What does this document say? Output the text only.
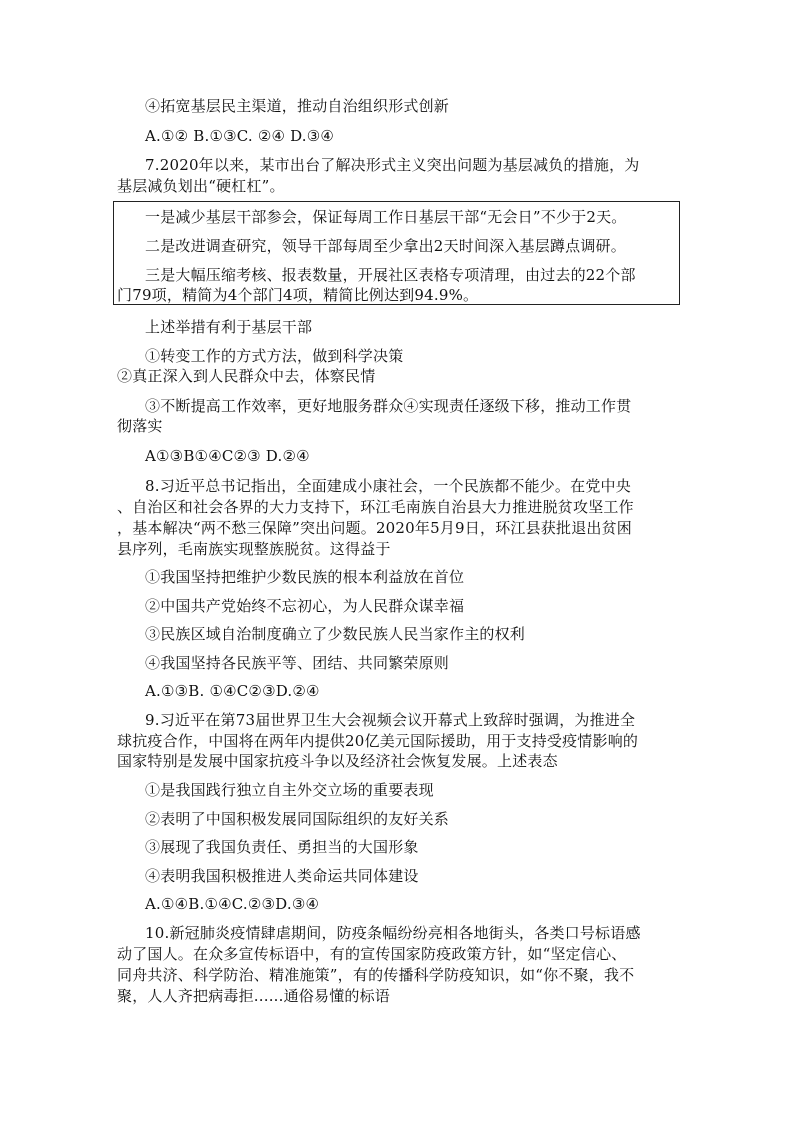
④拓宽基层民主渠道，推动自治组织形式创新
A.①② B.①③C. ②④ D.③④
7.2020年以来，某市出台了解决形式主义突出问题为基层减负的措施，为
基层减负划出“硬杠杠”。
一是减少基层干部参会，保证每周工作日基层干部“无会日”不少于2天。
二是改进调查研究，领导干部每周至少拿出2天时间深入基层蹲点调研。
三是大幅压缩考核、报表数量，开展社区表格专项清理，由过去的22个部
门79项，精简为4个部门4项，精简比例达到94.9%。
上述举措有利于基层干部
①转变工作的方式方法，做到科学决策
②真正深入到人民群众中去，体察民情
③不断提高工作效率，更好地服务群众④实现责任逐级下移，推动工作贯
彻落实
A①③B①④C②③ D.②④
8.习近平总书记指出，全面建成小康社会，一个民族都不能少。在党中央
、自治区和社会各界的大力支持下，环江毛南族自治县大力推进脱贫攻坚工作
，基本解决“两不愁三保障”突出问题。2020年5月9日，环江县获批退出贫困
县序列，毛南族实现整族脱贫。这得益于
①我国坚持把维护少数民族的根本利益放在首位
②中国共产党始终不忘初心，为人民群众谋幸福
③民族区域自治制度确立了少数民族人民当家作主的权利
④我国坚持各民族平等、团结、共同繁荣原则
A.①③B. ①④C②③D.②④
9.习近平在第73届世界卫生大会视频会议开幕式上致辞时强调，为推进全
球抗疫合作，中国将在两年内提供20亿美元国际援助，用于支持受疫情影响的
国家特别是发展中国家抗疫斗争以及经济社会恢复发展。上述表态
①是我国践行独立自主外交立场的重要表现
②表明了中国积极发展同国际组织的友好关系
③展现了我国负责任、勇担当的大国形象
④表明我国积极推进人类命运共同体建设
A.①④B.①④C.②③D.③④
10.新冠肺炎疫情肆虐期间，防疫条幅纷纷亮相各地街头，各类口号标语感
动了国人。在众多宣传标语中，有的宣传国家防疫政策方针，如“坚定信心、
同舟共济、科学防治、精准施策”，有的传播科学防疫知识，如“你不聚，我不
聚，人人齐把病毒拒......通俗易懂的标语
